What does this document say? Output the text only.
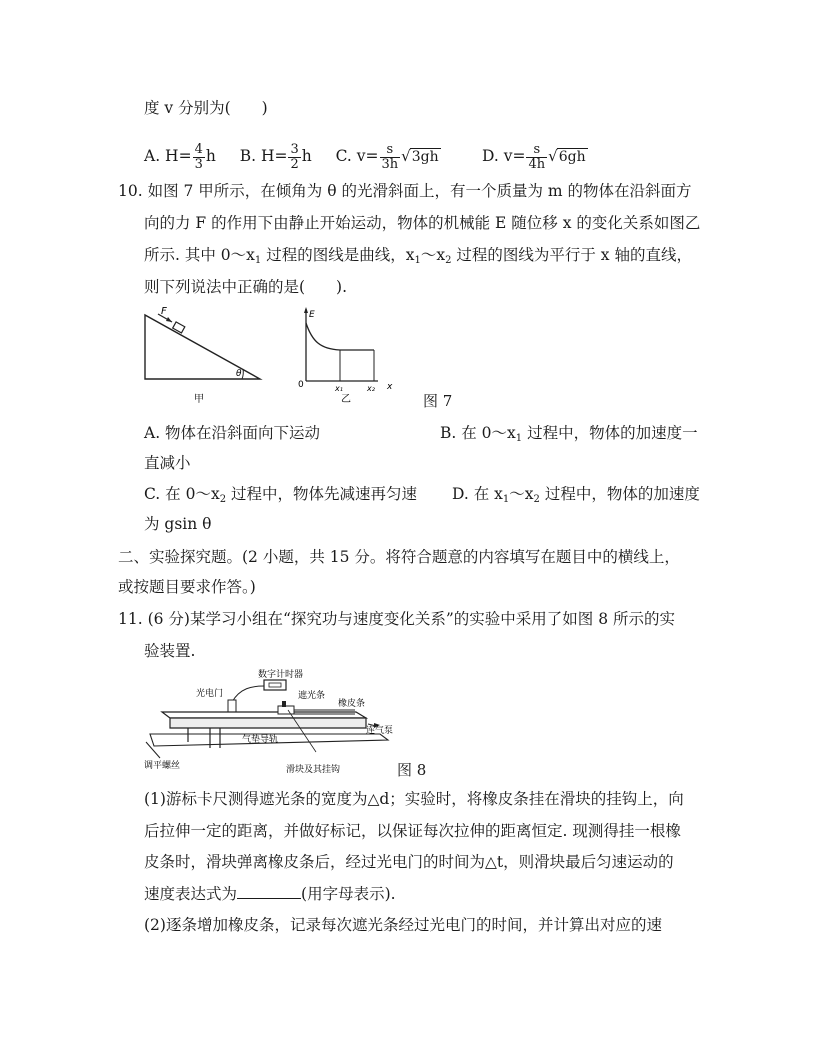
度 v 分别为(　　)
A. $H= \frac{4}{3}$ h B. $H= \frac{3}{2}$ h C. $v= \frac{s}{3h} √3gh$	D. $v= \frac{s}{4h} √6gh$
10. 如图 7 甲所示，在倾角为 θ 的光滑斜面上，有一个质量为 m 的物体在沿斜面方
向的力 F 的作用下由静止开始运动，物体的机械能 E 随位移 x 的变化关系如图乙
所示. 其中 $0\sim x_1$ 过程的图线是曲线，$x_1\sim x_2$ 过程的图线为平行于 x 轴的直线，
则下列说法中正确的是(　　).
F
θ
甲
E
0	x₁	x₂ x
乙	图 7
A. 物体在沿斜面向下运动	B. 在 $0\sim x_1$ 过程中，物体的加速度一
直减小
C. 在 $0\sim x_2$ 过程中，物体先减速再匀速 D. 在 $x_1\sim x_2$ 过程中，物体的加速度
为 gsin θ
二、实验探究题。(2 小题，共 15 分。将符合题意的内容填写在题目中的横线上，
或按题目要求作答。)
11. (6 分)某学习小组在“探究功与速度变化关系”的实验中采用了如图 8 所示的实
验装置.
数字计时器
光电门	遮光条
橡皮条
连气泵
气垫导轨
调平螺丝	滑块及其挂钩	图 8
(1)游标卡尺测得遮光条的宽度为△d；实验时，将橡皮条挂在滑块的挂钩上，向
后拉伸一定的距离，并做好标记，以保证每次拉伸的距离恒定. 现测得挂一根橡
皮条时，滑块弹离橡皮条后，经过光电门的时间为△t，则滑块最后匀速运动的
速度表达式为	(用字母表示).
(2)逐条增加橡皮条，记录每次遮光条经过光电门的时间，并计算出对应的速
